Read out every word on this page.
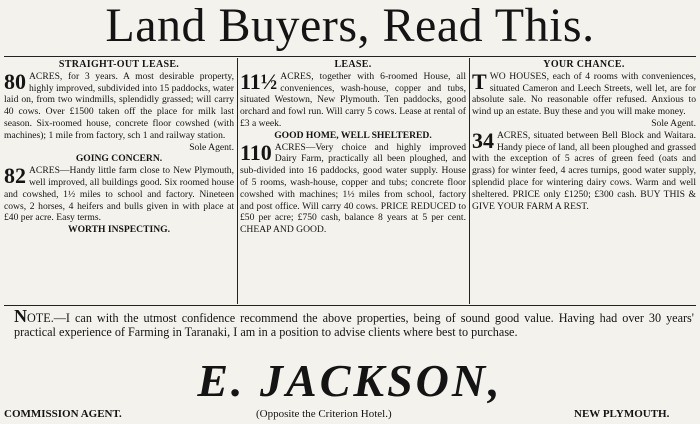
Land Buyers, Read This.

STRAIGHT-OUT LEASE.

80 ACRES, for 3 years. A most desirable property, highly improved, subdivided into 15 paddocks, water laid on, from two windmills, splendidly grassed; will carry 40 cows. Over £1500 taken off the place for milk last season. Six-roomed house, concrete floor cowshed (with machines); 1 mile from factory, sch 1 and railway station.

Sole Agent.

GOING CONCERN.

82 ACRES—Handy little farm close to New Plymouth, well improved, all buildings good. Six roomed house and cowshed, 1½ miles to school and factory. Nineteen cows, 2 horses, 4 heifers and bulls given in with place at £40 per acre. Easy terms.

WORTH INSPECTING.

LEASE.

11½ ACRES, together with 6-roomed House, all conveniences, wash-house, copper and tubs, situated Westown, New Plymouth. Ten paddocks, good orchard and fowl run. Will carry 5 cows. Lease at rental of £3 a week.

GOOD HOME, WELL SHELTERED.

110 ACRES—Very choice and highly improved Dairy Farm, practically all been ploughed, and sub-divided into 16 paddocks, good water supply. House of 5 rooms, wash-house, copper and tubs; concrete floor cowshed with machines; 1½ miles from school, factory and post office. Will carry 40 cows. PRICE REDUCED to £50 per acre; £750 cash, balance 8 years at 5 per cent. CHEAP AND GOOD.

YOUR CHANCE.

TWO HOUSES, each of 4 rooms with conveniences, situated Cameron and Leech Streets, well let, are for absolute sale. No reasonable offer refused. Anxious to wind up an estate. Buy these and you will make money.

Sole Agent.

34 ACRES, situated between Bell Block and Waitara. Handy piece of land, all been ploughed and grassed with the exception of 5 acres of green feed (oats and grass) for winter feed, 4 acres turnips, good water supply, splendid place for wintering dairy cows. Warm and well sheltered. PRICE only £1250; £300 cash. BUY THIS & GIVE YOUR FARM A REST.

NOTE.—I can with the utmost confidence recommend the above properties, being of sound good value. Having had over 30 years' practical experience of Farming in Taranaki, I am in a position to advise clients where best to purchase.
E. JACKSON,
COMMISSION AGENT.	(Opposite the Criterion Hotel.)	NEW PLYMOUTH.
